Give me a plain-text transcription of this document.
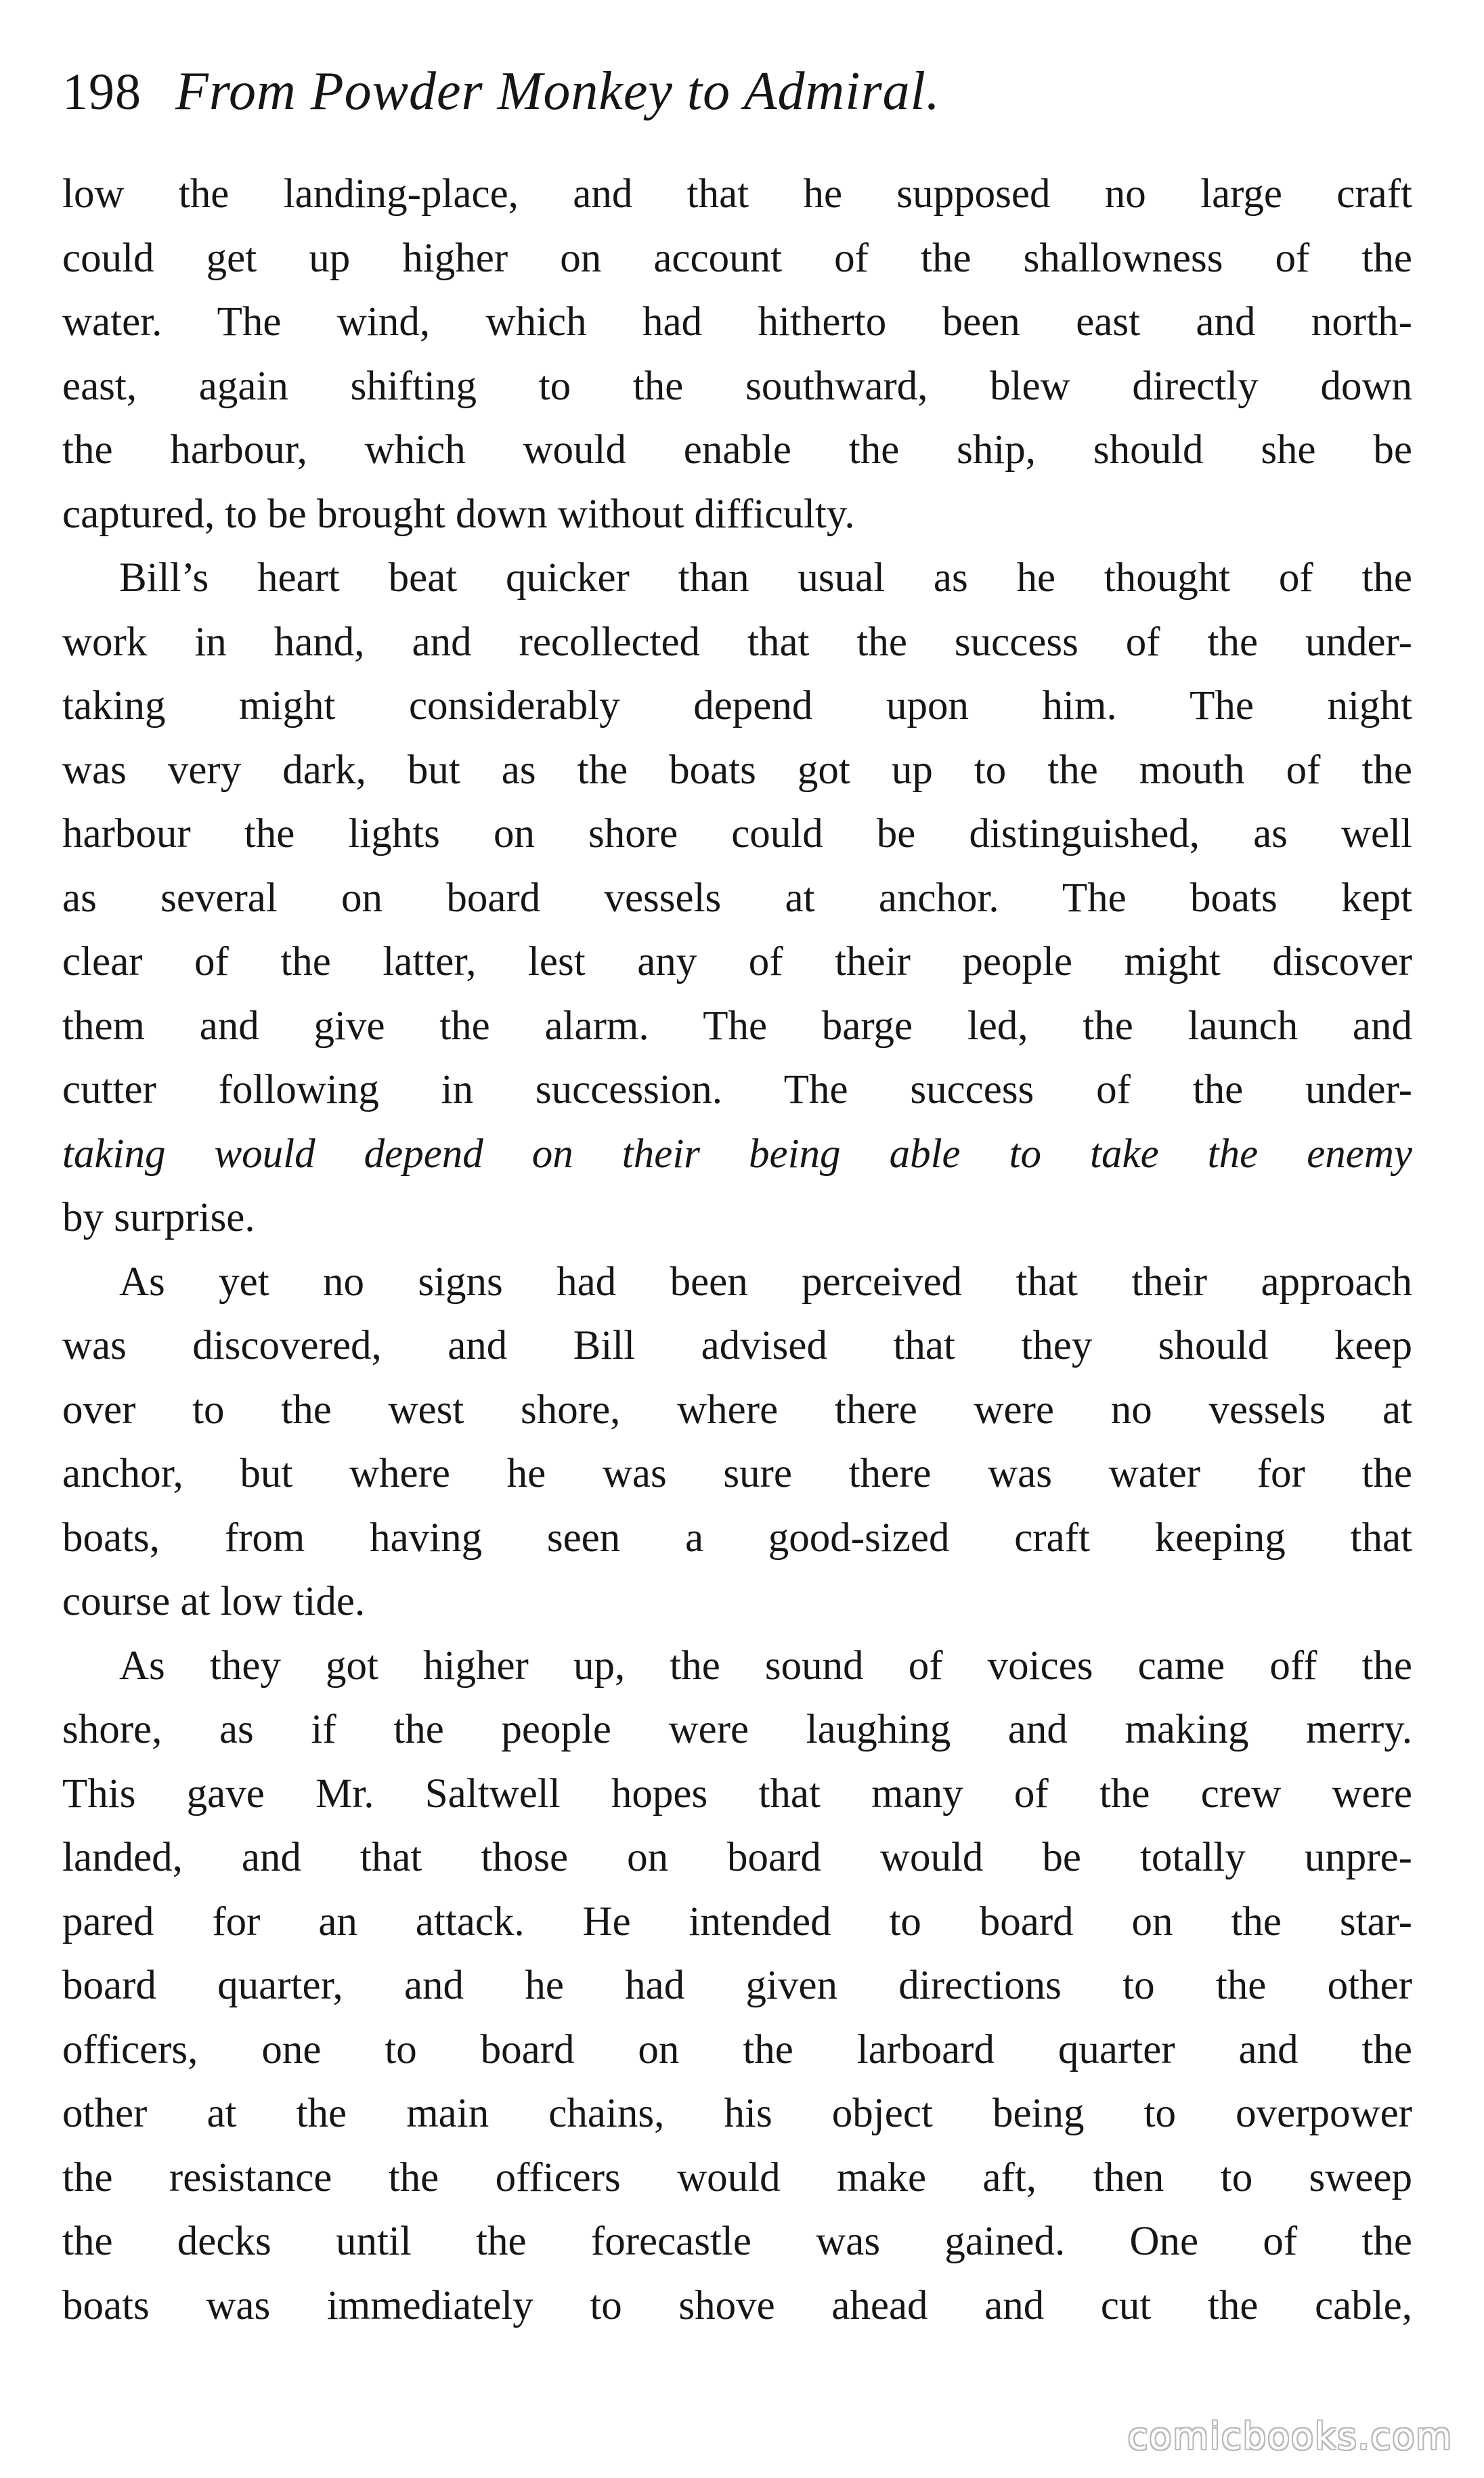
198 From Powder Monkey to Admiral.
low the landing-place, and that he supposed no large craft
could get up higher on account of the shallowness of the
water. The wind, which had hitherto been east and north-
east, again shifting to the southward, blew directly down
the harbour, which would enable the ship, should she be
captured, to be brought down without difficulty.
Bill’s heart beat quicker than usual as he thought of the
work in hand, and recollected that the success of the under-
taking might considerably depend upon him. The night
was very dark, but as the boats got up to the mouth of the
harbour the lights on shore could be distinguished, as well
as several on board vessels at anchor. The boats kept
clear of the latter, lest any of their people might discover
them and give the alarm. The barge led, the launch and
cutter following in succession. The success of the under-
taking would depend on their being able to take the enemy
by surprise.
As yet no signs had been perceived that their approach
was discovered, and Bill advised that they should keep
over to the west shore, where there were no vessels at
anchor, but where he was sure there was water for the
boats, from having seen a good-sized craft keeping that
course at low tide.
As they got higher up, the sound of voices came off the
shore, as if the people were laughing and making merry.
This gave Mr. Saltwell hopes that many of the crew were
landed, and that those on board would be totally unpre-
pared for an attack. He intended to board on the star-
board quarter, and he had given directions to the other
officers, one to board on the larboard quarter and the
other at the main chains, his object being to overpower
the resistance the officers would make aft, then to sweep
the decks until the forecastle was gained. One of the
boats was immediately to shove ahead and cut the cable,
comicbooks.com
